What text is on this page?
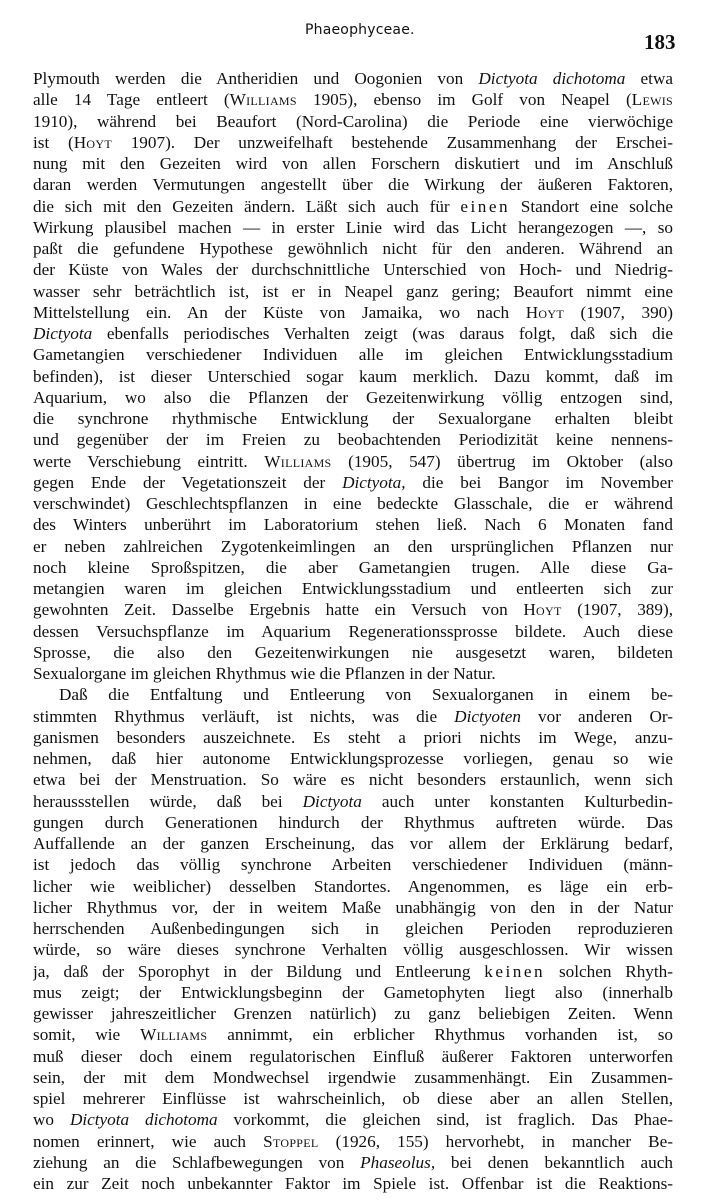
Phaeophyceae.	183
Plymouth werden die Antheridien und Oogonien von Dictyota dichotoma etwa
alle 14 Tage entleert (Williams 1905), ebenso im Golf von Neapel (Lewis
1910), während bei Beaufort (Nord-Carolina) die Periode eine vierwöchige
ist (Hoyt 1907). Der unzweifelhaft bestehende Zusammenhang der Erschei-
nung mit den Gezeiten wird von allen Forschern diskutiert und im Anschluß
daran werden Vermutungen angestellt über die Wirkung der äußeren Faktoren,
die sich mit den Gezeiten ändern. Läßt sich auch für einen Standort eine solche
Wirkung plausibel machen — in erster Linie wird das Licht herangezogen —, so
paßt die gefundene Hypothese gewöhnlich nicht für den anderen. Während an
der Küste von Wales der durchschnittliche Unterschied von Hoch- und Niedrig-
wasser sehr beträchtlich ist, ist er in Neapel ganz gering; Beaufort nimmt eine
Mittelstellung ein. An der Küste von Jamaika, wo nach Hoyt (1907, 390)
Dictyota ebenfalls periodisches Verhalten zeigt (was daraus folgt, daß sich die
Gametangien verschiedener Individuen alle im gleichen Entwicklungsstadium
befinden), ist dieser Unterschied sogar kaum merklich. Dazu kommt, daß im
Aquarium, wo also die Pflanzen der Gezeitenwirkung völlig entzogen sind,
die synchrone rhythmische Entwicklung der Sexualorgane erhalten bleibt
und gegenüber der im Freien zu beobachtenden Periodizität keine nennens-
werte Verschiebung eintritt. Williams (1905, 547) übertrug im Oktober (also
gegen Ende der Vegetationszeit der Dictyota, die bei Bangor im November
verschwindet) Geschlechtspflanzen in eine bedeckte Glasschale, die er während
des Winters unberührt im Laboratorium stehen ließ. Nach 6 Monaten fand
er neben zahlreichen Zygotenkeimlingen an den ursprünglichen Pflanzen nur
noch kleine Sproßspitzen, die aber Gametangien trugen. Alle diese Ga-
metangien waren im gleichen Entwicklungsstadium und entleerten sich zur
gewohnten Zeit. Dasselbe Ergebnis hatte ein Versuch von Hoyt (1907, 389),
dessen Versuchspflanze im Aquarium Regenerationssprosse bildete. Auch diese
Sprosse, die also den Gezeitenwirkungen nie ausgesetzt waren, bildeten
Sexualorgane im gleichen Rhythmus wie die Pflanzen in der Natur.
Daß die Entfaltung und Entleerung von Sexualorganen in einem be-
stimmten Rhythmus verläuft, ist nichts, was die Dictyoten vor anderen Or-
ganismen besonders auszeichnete. Es steht a priori nichts im Wege, anzu-
nehmen, daß hier autonome Entwicklungsprozesse vorliegen, genau so wie
etwa bei der Menstruation. So wäre es nicht besonders erstaunlich, wenn sich
heraussstellen würde, daß bei Dictyota auch unter konstanten Kulturbedin-
gungen durch Generationen hindurch der Rhythmus auftreten würde. Das
Auffallende an der ganzen Erscheinung, das vor allem der Erklärung bedarf,
ist jedoch das völlig synchrone Arbeiten verschiedener Individuen (männ-
licher wie weiblicher) desselben Standortes. Angenommen, es läge ein erb-
licher Rhythmus vor, der in weitem Maße unabhängig von den in der Natur
herrschenden Außenbedingungen sich in gleichen Perioden reproduzieren
würde, so wäre dieses synchrone Verhalten völlig ausgeschlossen. Wir wissen
ja, daß der Sporophyt in der Bildung und Entleerung keinen solchen Rhyth-
mus zeigt; der Entwicklungsbeginn der Gametophyten liegt also (innerhalb
gewisser jahreszeitlicher Grenzen natürlich) zu ganz beliebigen Zeiten. Wenn
somit, wie Williams annimmt, ein erblicher Rhythmus vorhanden ist, so
muß dieser doch einem regulatorischen Einfluß äußerer Faktoren unterworfen
sein, der mit dem Mondwechsel irgendwie zusammenhängt. Ein Zusammen-
spiel mehrerer Einflüsse ist wahrscheinlich, ob diese aber an allen Stellen,
wo Dictyota dichotoma vorkommt, die gleichen sind, ist fraglich. Das Phae-
nomen erinnert, wie auch Stoppel (1926, 155) hervorhebt, in mancher Be-
ziehung an die Schlafbewegungen von Phaseolus, bei denen bekanntlich auch
ein zur Zeit noch unbekannter Faktor im Spiele ist. Offenbar ist die Reaktions-
